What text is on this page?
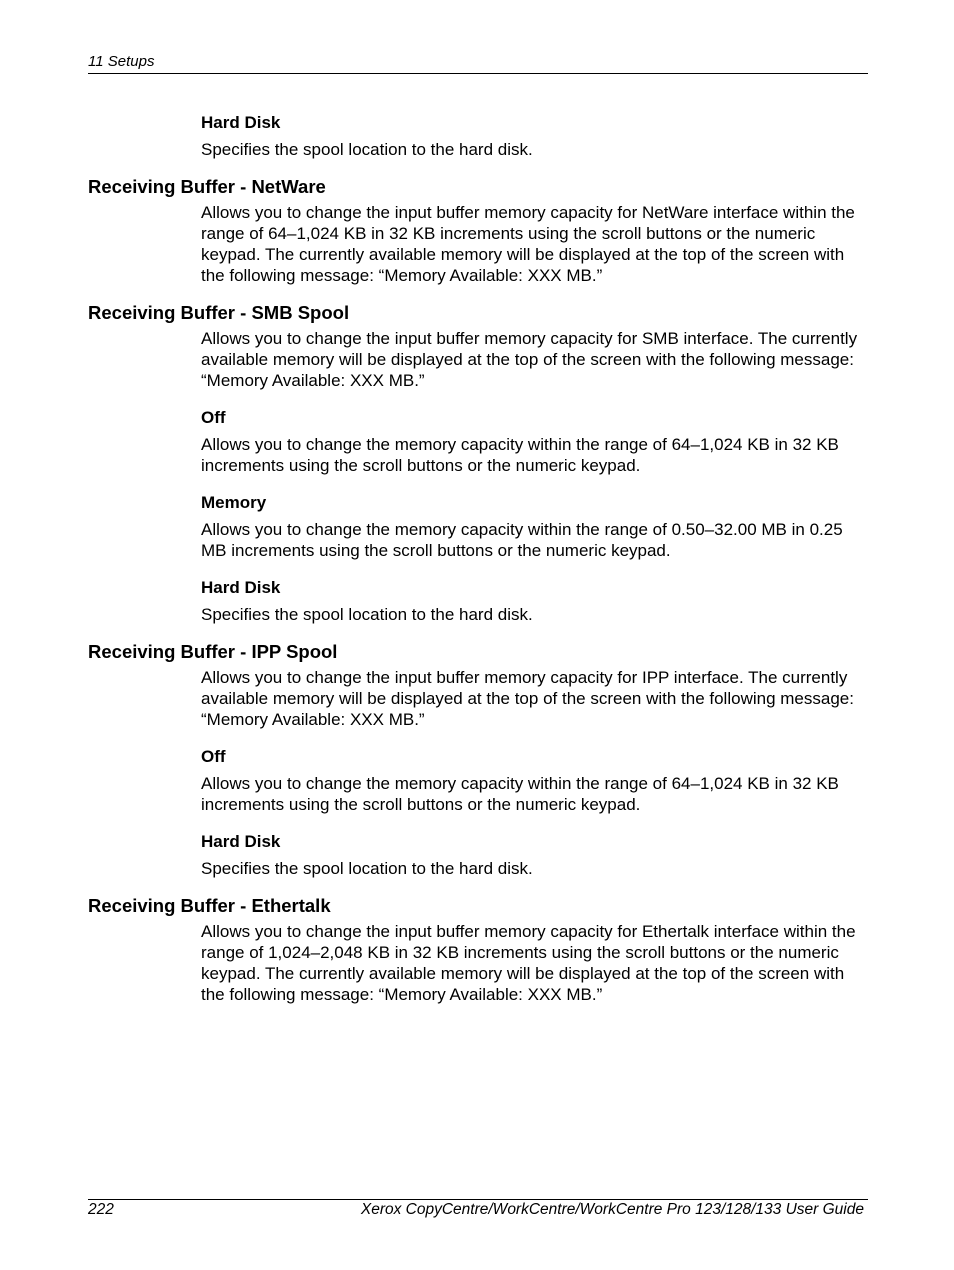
11 Setups
Hard Disk
Specifies the spool location to the hard disk.
Receiving Buffer - NetWare
Allows you to change the input buffer memory capacity for NetWare interface within the range of 64–1,024 KB in 32 KB increments using the scroll buttons or the numeric keypad. The currently available memory will be displayed at the top of the screen with the following message: “Memory Available: XXX MB.”
Receiving Buffer - SMB Spool
Allows you to change the input buffer memory capacity for SMB interface. The currently available memory will be displayed at the top of the screen with the following message: “Memory Available: XXX MB.”
Off
Allows you to change the memory capacity within the range of 64–1,024 KB in 32 KB increments using the scroll buttons or the numeric keypad.
Memory
Allows you to change the memory capacity within the range of 0.50–32.00 MB in 0.25 MB increments using the scroll buttons or the numeric keypad.
Hard Disk
Specifies the spool location to the hard disk.
Receiving Buffer - IPP Spool
Allows you to change the input buffer memory capacity for IPP interface. The currently available memory will be displayed at the top of the screen with the following message: “Memory Available: XXX MB.”
Off
Allows you to change the memory capacity within the range of 64–1,024 KB in 32 KB increments using the scroll buttons or the numeric keypad.
Hard Disk
Specifies the spool location to the hard disk.
Receiving Buffer - Ethertalk
Allows you to change the input buffer memory capacity for Ethertalk interface within the range of 1,024–2,048 KB in 32 KB increments using the scroll buttons or the numeric keypad. The currently available memory will be displayed at the top of the screen with the following message: “Memory Available: XXX MB.”
222	Xerox CopyCentre/WorkCentre/WorkCentre Pro 123/128/133 User Guide
